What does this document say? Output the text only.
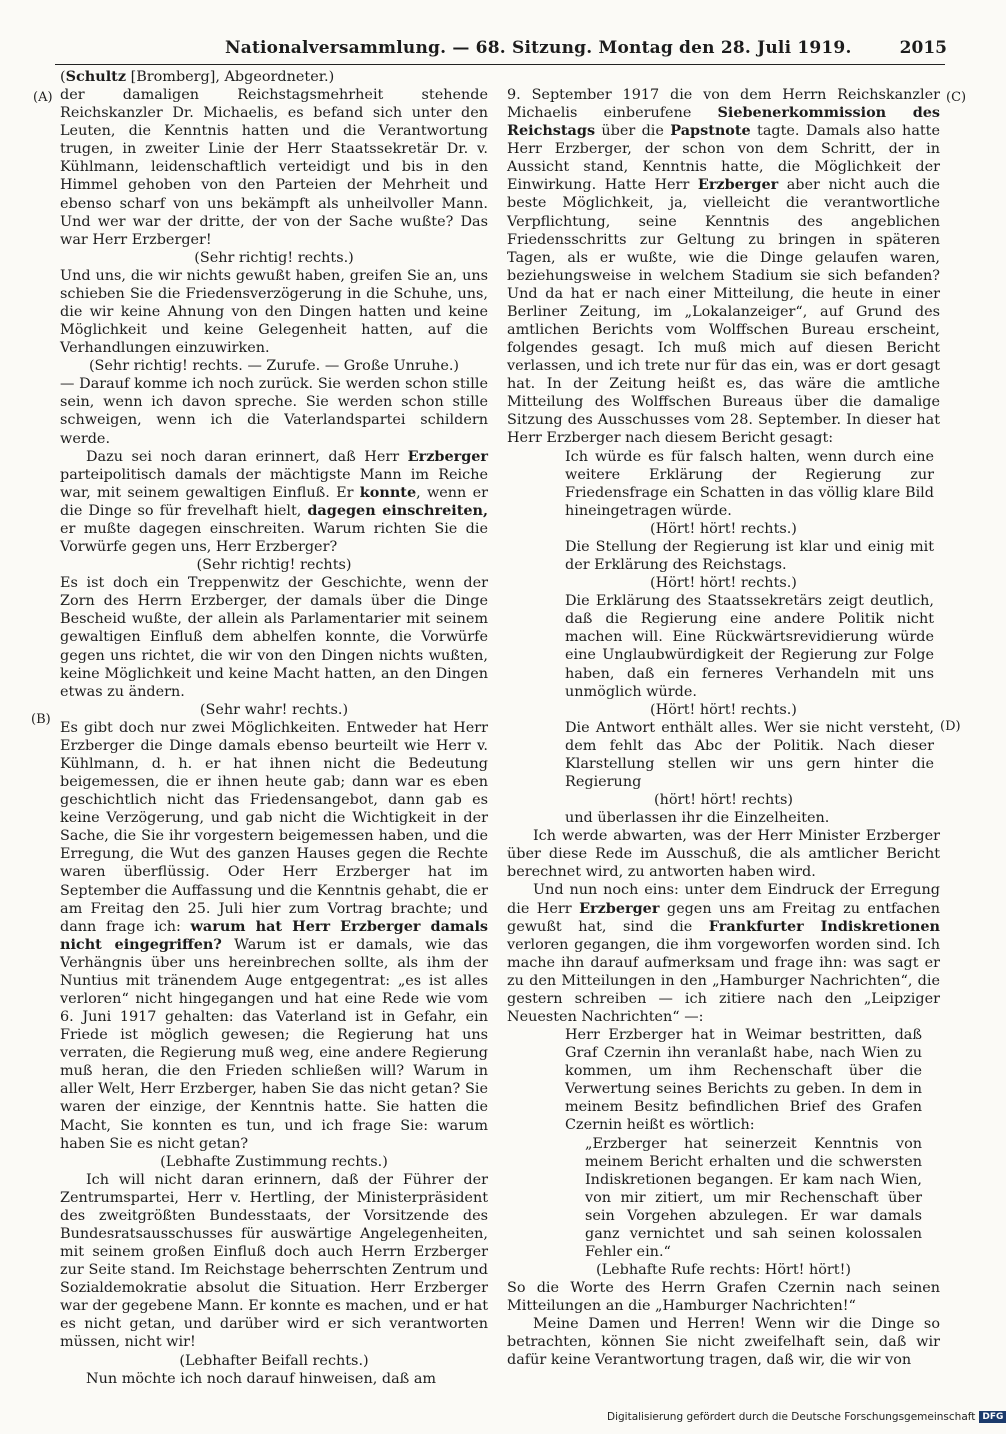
Nationalversammlung. — 68. Sitzung. Montag den 28. Juli 1919.	2015
(A)
(B)
(C)
(D)

(Schultz [Bromberg], Abgeordneter.)

der damaligen Reichstagsmehrheit stehende Reichskanzler Dr. Michaelis, es befand sich unter den Leuten, die Kenntnis hatten und die Verantwortung trugen, in zweiter Linie der Herr Staatssekretär Dr. v. Kühlmann, leidenschaftlich verteidigt und bis in den Himmel gehoben von den Parteien der Mehrheit und ebenso scharf von uns bekämpft als unheilvoller Mann. Und wer war der dritte, der von der Sache wußte? Das war Herr Erzberger!

(Sehr richtig! rechts.)

Und uns, die wir nichts gewußt haben, greifen Sie an, uns schieben Sie die Friedensverzögerung in die Schuhe, uns, die wir keine Ahnung von den Dingen hatten und keine Möglichkeit und keine Gelegenheit hatten, auf die Verhandlungen einzuwirken.

(Sehr richtig! rechts. — Zurufe. — Große Unruhe.)

— Darauf komme ich noch zurück. Sie werden schon stille sein, wenn ich davon spreche. Sie werden schon stille schweigen, wenn ich die Vaterlandspartei schildern werde.

Dazu sei noch daran erinnert, daß Herr Erzberger parteipolitisch damals der mächtigste Mann im Reiche war, mit seinem gewaltigen Einfluß. Er konnte, wenn er die Dinge so für frevelhaft hielt, dagegen einschreiten, er mußte dagegen einschreiten. Warum richten Sie die Vorwürfe gegen uns, Herr Erzberger?

(Sehr richtig! rechts)

Es ist doch ein Treppenwitz der Geschichte, wenn der Zorn des Herrn Erzberger, der damals über die Dinge Bescheid wußte, der allein als Parlamentarier mit seinem gewaltigen Einfluß dem abhelfen konnte, die Vorwürfe gegen uns richtet, die wir von den Dingen nichts wußten, keine Möglichkeit und keine Macht hatten, an den Dingen etwas zu ändern.

(Sehr wahr! rechts.)

Es gibt doch nur zwei Möglichkeiten. Entweder hat Herr Erzberger die Dinge damals ebenso beurteilt wie Herr v. Kühlmann, d. h. er hat ihnen nicht die Bedeutung beigemessen, die er ihnen heute gab; dann war es eben geschichtlich nicht das Friedensangebot, dann gab es keine Verzögerung, und gab nicht die Wichtigkeit in der Sache, die Sie ihr vorgestern beigemessen haben, und die Erregung, die Wut des ganzen Hauses gegen die Rechte waren überflüssig. Oder Herr Erzberger hat im September die Auffassung und die Kenntnis gehabt, die er am Freitag den 25. Juli hier zum Vortrag brachte; und dann frage ich: warum hat Herr Erzberger damals nicht eingegriffen? Warum ist er damals, wie das Verhängnis über uns hereinbrechen sollte, als ihm der Nuntius mit tränendem Auge entgegentrat: „es ist alles verloren“ nicht hingegangen und hat eine Rede wie vom 6. Juni 1917 gehalten: das Vaterland ist in Gefahr, ein Friede ist möglich gewesen; die Regierung hat uns verraten, die Regierung muß weg, eine andere Regierung muß heran, die den Frieden schließen will? Warum in aller Welt, Herr Erzberger, haben Sie das nicht getan? Sie waren der einzige, der Kenntnis hatte. Sie hatten die Macht, Sie konnten es tun, und ich frage Sie: warum haben Sie es nicht getan?

(Lebhafte Zustimmung rechts.)

Ich will nicht daran erinnern, daß der Führer der Zentrumspartei, Herr v. Hertling, der Ministerpräsident des zweitgrößten Bundesstaats, der Vorsitzende des Bundesratsausschusses für auswärtige Angelegenheiten, mit seinem großen Einfluß doch auch Herrn Erzberger zur Seite stand. Im Reichstage beherrschten Zentrum und Sozialdemokratie absolut die Situation. Herr Erzberger war der gegebene Mann. Er konnte es machen, und er hat es nicht getan, und darüber wird er sich verantworten müssen, nicht wir!

(Lebhafter Beifall rechts.)

Nun möchte ich noch darauf hinweisen, daß am

9. September 1917 die von dem Herrn Reichskanzler Michaelis einberufene Siebenerkommission des Reichstags über die Papstnote tagte. Damals also hatte Herr Erzberger, der schon von dem Schritt, der in Aussicht stand, Kenntnis hatte, die Möglichkeit der Einwirkung. Hatte Herr Erzberger aber nicht auch die beste Möglichkeit, ja, vielleicht die verantwortliche Verpflichtung, seine Kenntnis des angeblichen Friedensschritts zur Geltung zu bringen in späteren Tagen, als er wußte, wie die Dinge gelaufen waren, beziehungsweise in welchem Stadium sie sich befanden? Und da hat er nach einer Mitteilung, die heute in einer Berliner Zeitung, im „Lokalanzeiger“, auf Grund des amtlichen Berichts vom Wolffschen Bureau erscheint, folgendes gesagt. Ich muß mich auf diesen Bericht verlassen, und ich trete nur für das ein, was er dort gesagt hat. In der Zeitung heißt es, das wäre die amtliche Mitteilung des Wolffschen Bureaus über die damalige Sitzung des Ausschusses vom 28. September. In dieser hat Herr Erzberger nach diesem Bericht gesagt:

Ich würde es für falsch halten, wenn durch eine weitere Erklärung der Regierung zur Friedensfrage ein Schatten in das völlig klare Bild hineingetragen würde.

(Hört! hört! rechts.)

Die Stellung der Regierung ist klar und einig mit der Erklärung des Reichstags.

(Hört! hört! rechts.)

Die Erklärung des Staatssekretärs zeigt deutlich, daß die Regierung eine andere Politik nicht machen will. Eine Rückwärtsrevidierung würde eine Unglaubwürdigkeit der Regierung zur Folge haben, daß ein ferneres Verhandeln mit uns unmöglich würde.

(Hört! hört! rechts.)

Die Antwort enthält alles. Wer sie nicht versteht, dem fehlt das Abc der Politik. Nach dieser Klarstellung stellen wir uns gern hinter die Regierung

(hört! hört! rechts)

und überlassen ihr die Einzelheiten.

Ich werde abwarten, was der Herr Minister Erzberger über diese Rede im Ausschuß, die als amtlicher Bericht berechnet wird, zu antworten haben wird.

Und nun noch eins: unter dem Eindruck der Erregung die Herr Erzberger gegen uns am Freitag zu entfachen gewußt hat, sind die Frankfurter Indiskretionen verloren gegangen, die ihm vorgeworfen worden sind. Ich mache ihn darauf aufmerksam und frage ihn: was sagt er zu den Mitteilungen in den „Hamburger Nachrichten“, die gestern schreiben — ich zitiere nach den „Leipziger Neuesten Nachrichten“ —:

Herr Erzberger hat in Weimar bestritten, daß Graf Czernin ihn veranlaßt habe, nach Wien zu kommen, um ihm Rechenschaft über die Verwertung seines Berichts zu geben. In dem in meinem Besitz befindlichen Brief des Grafen Czernin heißt es wörtlich:

„Erzberger hat seinerzeit Kenntnis von meinem Bericht erhalten und die schwersten Indiskretionen begangen. Er kam nach Wien, von mir zitiert, um mir Rechenschaft über sein Vorgehen abzulegen. Er war damals ganz vernichtet und sah seinen kolossalen Fehler ein.“

(Lebhafte Rufe rechts: Hört! hört!)

So die Worte des Herrn Grafen Czernin nach seinen Mitteilungen an die „Hamburger Nachrichten!“

Meine Damen und Herren! Wenn wir die Dinge so betrachten, können Sie nicht zweifelhaft sein, daß wir dafür keine Verantwortung tragen, daß wir, die wir von

Digitalisierung gefördert durch die Deutsche Forschungsgemeinschaft DFG
